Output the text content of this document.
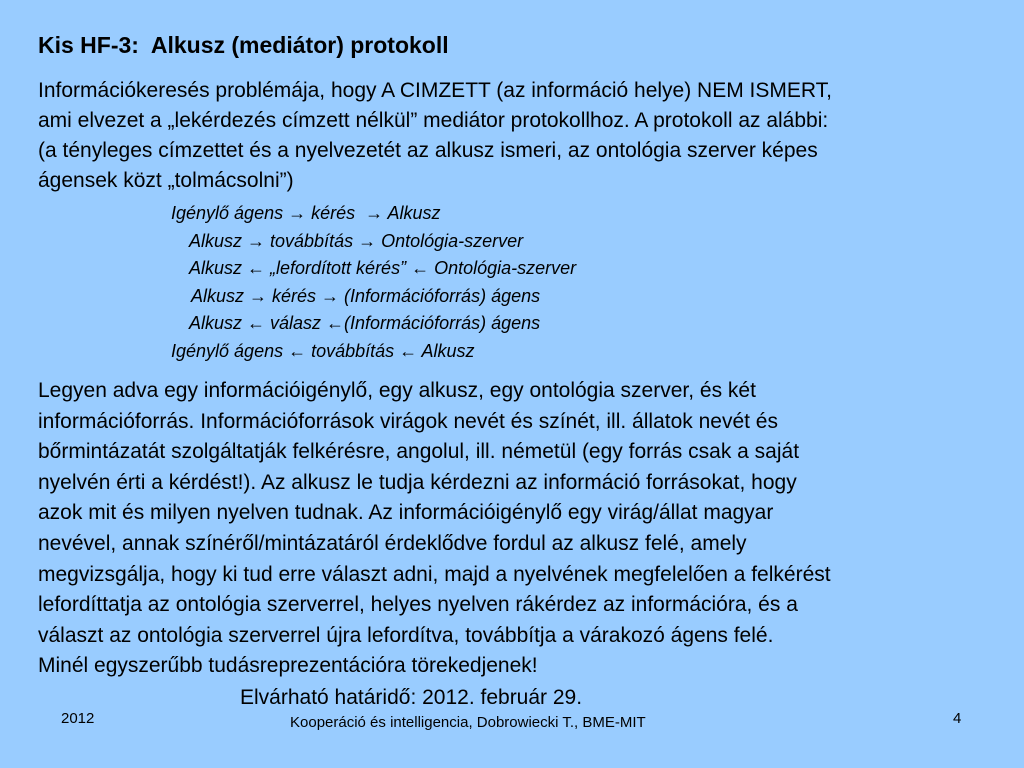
Kis HF-3:  Alkusz (mediátor) protokoll
Információkeresés problémája, hogy A CIMZETT (az információ helye) NEM ISMERT,
ami elvezet a „lekérdezés címzett nélkül” mediátor protokollhoz. A protokoll az alábbi:
(a tényleges címzettet és a nyelvezetét az alkusz ismeri, az ontológia szerver képes
ágensek közt „tolmácsolni”)
Igénylő ágens → kérés  → Alkusz
Alkusz → továbbítás → Ontológia-szerver
Alkusz ← „lefordított kérés” ← Ontológia-szerver
Alkusz → kérés → (Információforrás) ágens
Alkusz ← válasz ←(Információforrás) ágens
Igénylő ágens ← továbbítás ← Alkusz
Legyen adva egy információigénylő, egy alkusz, egy ontológia szerver, és két
információforrás. Információforrások virágok nevét és színét, ill. állatok nevét és
bőrmintázatát szolgáltatják felkérésre, angolul, ill. németül (egy forrás csak a saját
nyelvén érti a kérdést!). Az alkusz le tudja kérdezni az információ forrásokat, hogy
azok mit és milyen nyelven tudnak. Az információigénylő egy virág/állat magyar
nevével, annak színéről/mintázatáról érdeklődve fordul az alkusz felé, amely
megvizsgálja, hogy ki tud erre választ adni, majd a nyelvének megfelelően a felkérést
lefordíttatja az ontológia szerverrel, helyes nyelven rákérdez az információra, és a
választ az ontológia szerverrel újra lefordítva, továbbítja a várakozó ágens felé.
Minél egyszerűbb tudásreprezentációra törekedjenek!
Elvárható határidő: 2012. február 29.
2012	Kooperáció és intelligencia, Dobrowiecki T., BME-MIT	4
